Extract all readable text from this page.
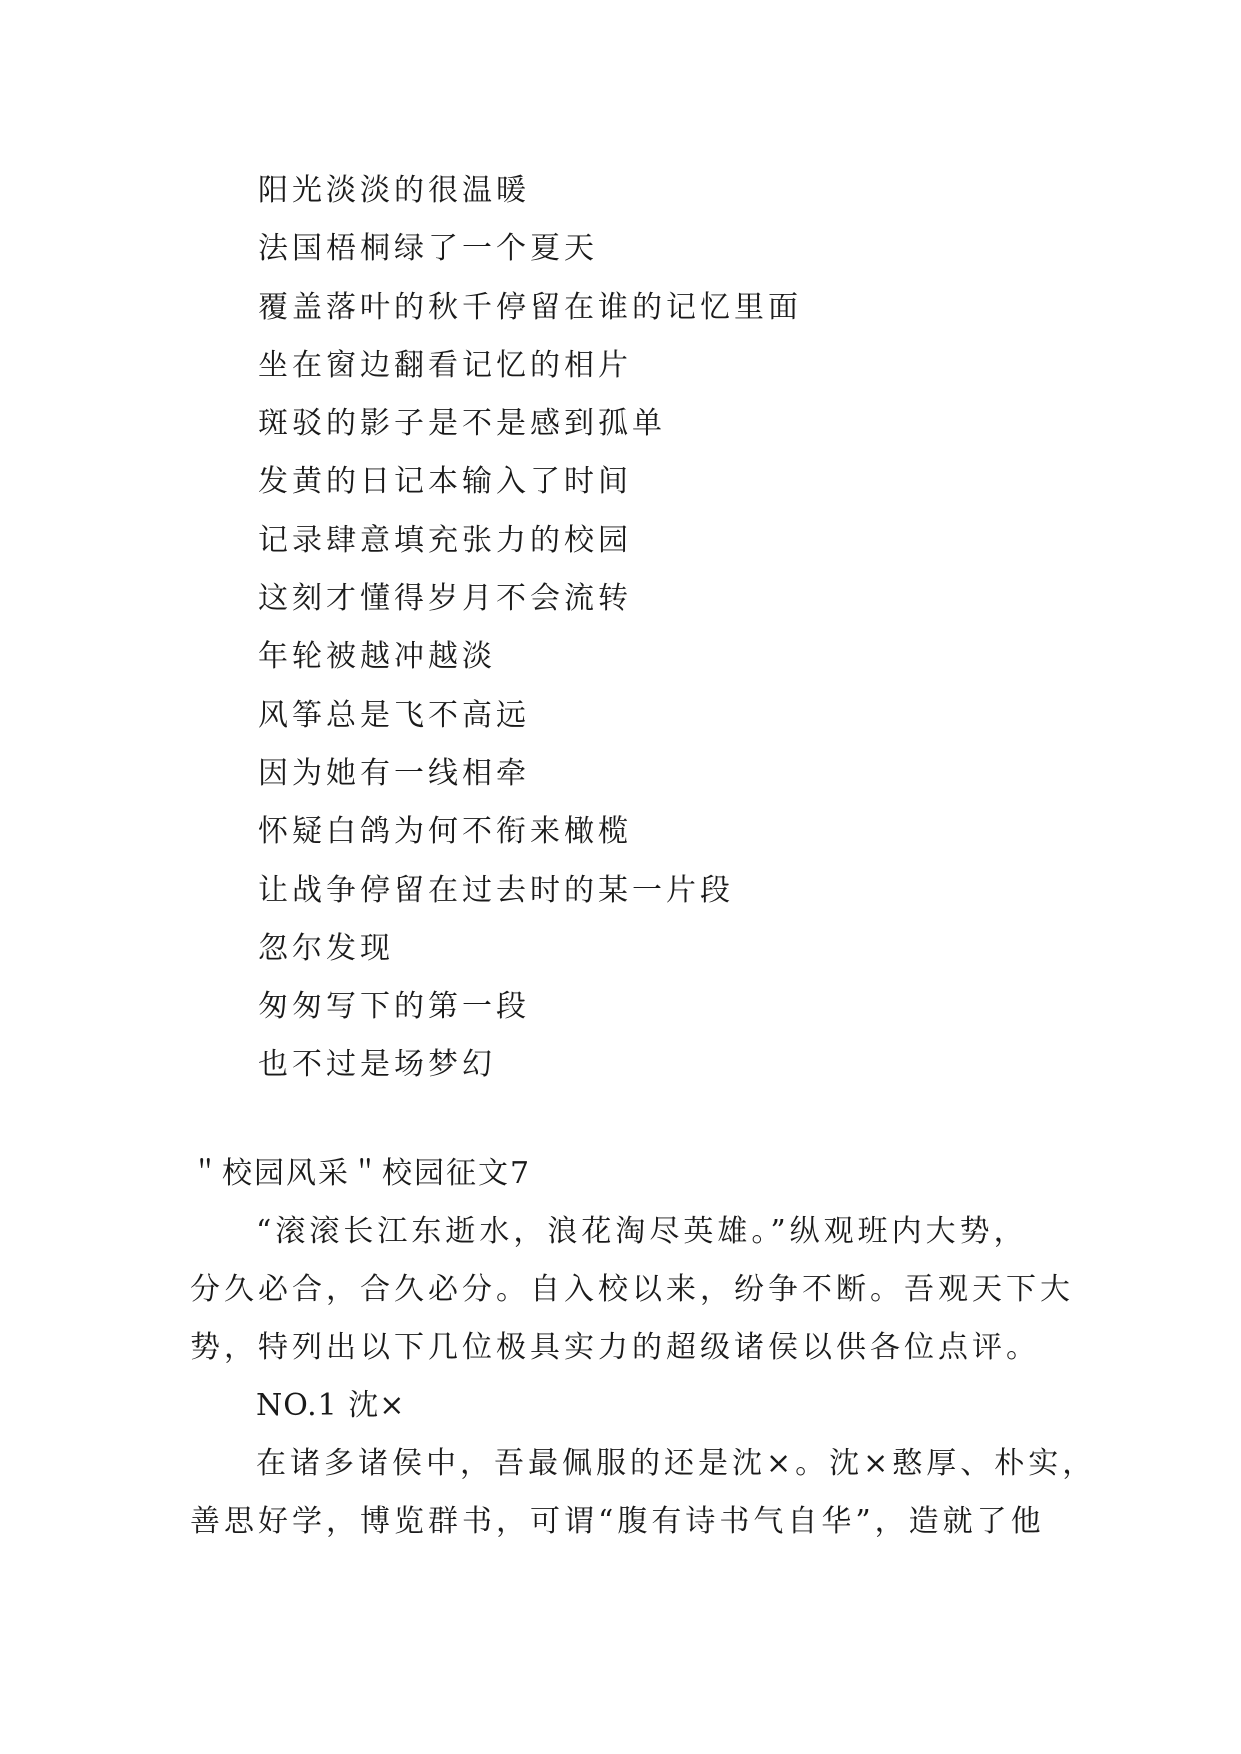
阳光淡淡的很温暖
法国梧桐绿了一个夏天
覆盖落叶的秋千停留在谁的记忆里面
坐在窗边翻看记忆的相片
斑驳的影子是不是感到孤单
发黄的日记本输入了时间
记录肆意填充张力的校园
这刻才懂得岁月不会流转
年轮被越冲越淡
风筝总是飞不高远
因为她有一线相牵
怀疑白鸽为何不衔来橄榄
让战争停留在过去时的某一片段
忽尔发现
匆匆写下的第一段
也不过是场梦幻
＂校园风采＂校园征文7
“滚滚长江东逝水，浪花淘尽英雄。”纵观班内大势，
分久必合，合久必分。自入校以来，纷争不断。吾观天下大
势，特列出以下几位极具实力的超级诸侯以供各位点评。
NO.1 沈×
在诸多诸侯中，吾最佩服的还是沈×。沈×憨厚、朴实，
善思好学，博览群书，可谓“腹有诗书气自华”，造就了他
